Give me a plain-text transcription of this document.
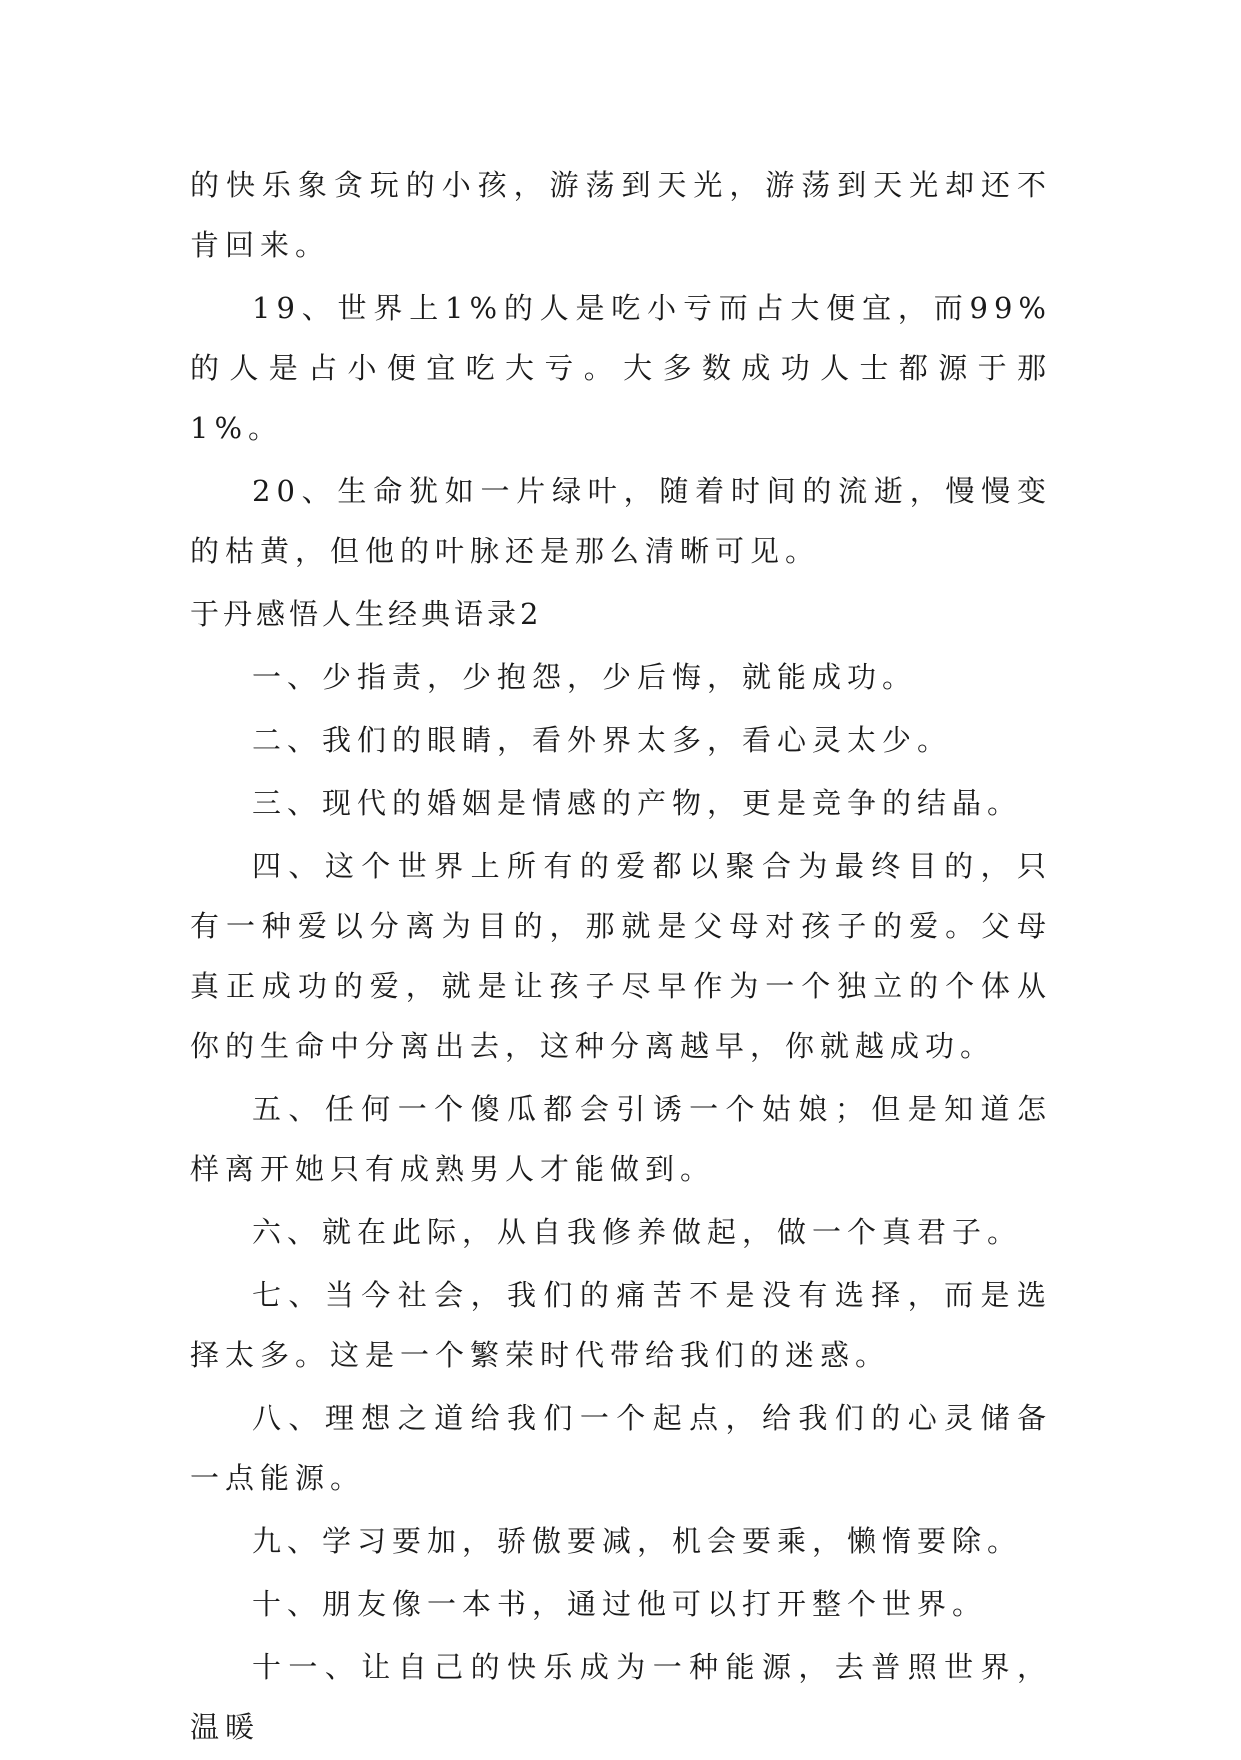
的快乐象贪玩的小孩，游荡到天光，游荡到天光却还不肯回来。

19、世界上1%的人是吃小亏而占大便宜，而99%的人是占小便宜吃大亏。大多数成功人士都源于那1%。

20、生命犹如一片绿叶，随着时间的流逝，慢慢变的枯黄，但他的叶脉还是那么清晰可见。

于丹感悟人生经典语录2

一、少指责，少抱怨，少后悔，就能成功。

二、我们的眼睛，看外界太多，看心灵太少。

三、现代的婚姻是情感的产物，更是竞争的结晶。

四、这个世界上所有的爱都以聚合为最终目的，只有一种爱以分离为目的，那就是父母对孩子的爱。父母真正成功的爱，就是让孩子尽早作为一个独立的个体从你的生命中分离出去，这种分离越早，你就越成功。

五、任何一个傻瓜都会引诱一个姑娘；但是知道怎样离开她只有成熟男人才能做到。

六、就在此际，从自我修养做起，做一个真君子。

七、当今社会，我们的痛苦不是没有选择，而是选择太多。这是一个繁荣时代带给我们的迷惑。

八、理想之道给我们一个起点，给我们的心灵储备一点能源。

九、学习要加，骄傲要减，机会要乘，懒惰要除。

十、朋友像一本书，通过他可以打开整个世界。

十一、让自己的快乐成为一种能源，去普照世界，温暖
